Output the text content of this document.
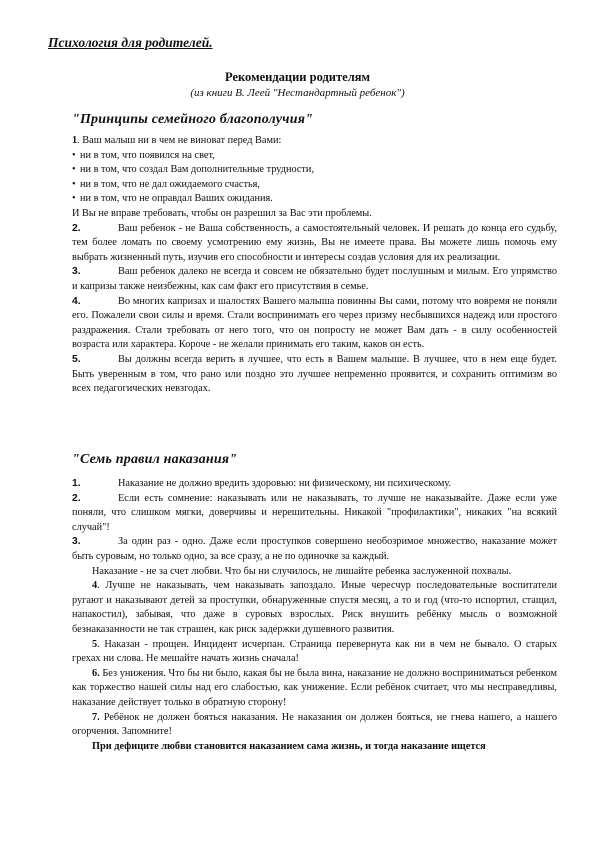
Психология для родителей.
Рекомендации родителям
(из книги В. Леей "Нестандартный ребенок")
"Принципы семейного благополучия"

1. Ваш малыш ни в чем не виноват перед Вами:

• ни в том, что появился на свет,
• ни в том, что создал Вам дополнительные трудности,
• ни в том, что не дал ожидаемого счастья,
• ни в том, что не оправдал Ваших ожидания.

И Вы не вправе требовать, чтобы он разрешил за Вас эти проблемы.

2.	Ваш ребенок - не Ваша собственность, а самостоятельный человек. И решать до конца его судьбу, тем более ломать по своему усмотрению ему жизнь, Вы не имеете права. Вы можете лишь помочь ему выбрать жизненный путь, изучив его способности и интересы создав условия для их реализации.

3.	Ваш ребенок далеко не всегда и совсем не обязательно будет послушным и милым. Его упрямство и капризы также неизбежны, как сам факт его присутствия в семье.

4.	Во многих капризах и шалостях Вашего малыша повинны Вы сами, потому что вовремя не поняли его. Пожалели свои силы и время. Стали воспринимать его через призму несбывшихся надежд или простого раздражения. Стали требовать от него того, что он попросту не может Вам дать - в силу особенностей возраста или характера. Короче - не желали принимать его таким, каков он есть.

5.	Вы должны всегда верить в лучшее, что есть в Вашем малыше. В лучшее, что в нем еще будет. Быть уверенным в том, что рано или поздно это лучшее непременно проявится, и сохранить оптимизм во всех педагогических невзгодах.

"Семь правил наказания"

1.	Наказание не должно вредить здоровью: ни физическому, ни психическому.

2.	Если есть сомнение: наказывать или не наказывать, то лучше не наказывайте. Даже если уже поняли, что слишком мягки, доверчивы и нерешительны. Никакой "профилактики", никаких "на всякий случай"!

3.	За один раз - одно. Даже если проступков совершено необозримое множество, наказание может быть суровым, но только одно, за все сразу, а не по одиночке за каждый.

Наказание - не за счет любви. Что бы ни случилось, не лишайте ребенка заслуженной похвалы.

4. Лучше не наказывать, чем наказывать запоздало. Иные чересчур последовательные воспитатели ругают и наказывают детей за проступки, обнаруженные спустя месяц, а то и год (что-то испортил, стащил, напакостил), забывая, что даже в суровых взрослых. Риск внушить ребёнку мысль о возможной безнаказанности не так страшен, как риск задержки душевного развития.

5. Наказан - прощен. Инцидент исчерпан. Страница перевернута как ни в чем не бывало. О старых грехах ни слова. Не мешайте начать жизнь сначала!

6. Без унижения. Что бы ни было, какая бы не была вина, наказание не должно восприниматься ребенком как торжество нашей силы над его слабостью, как унижение. Если ребёнок считает, что мы несправедливы, наказание действует только в обратную сторону!

7. Ребёнок не должен бояться наказания. Не наказания он должен бояться, не гнева нашего, а нашего огорчения. Запомните!

При дефиците любви становится наказанием сама жизнь, и тогда наказание ищется
